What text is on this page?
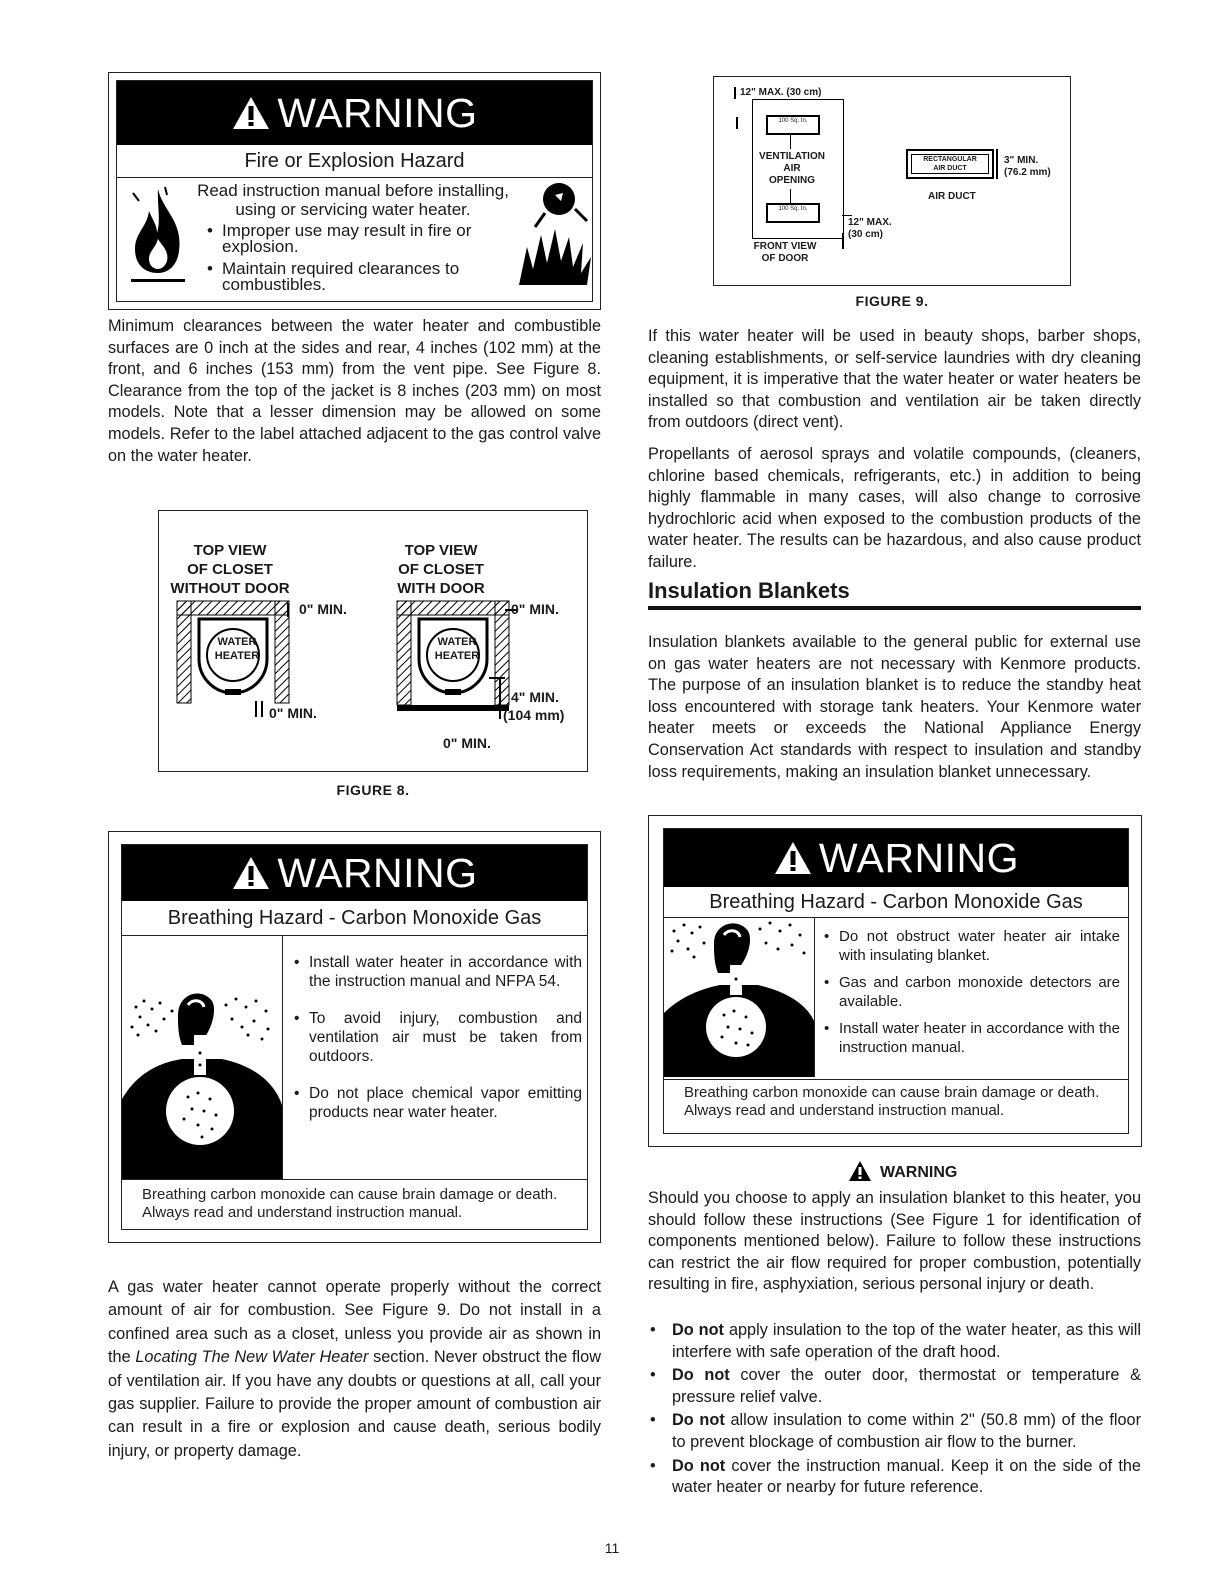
WARNING
Fire or Explosion Hazard
Read instruction manual before installing,
using or servicing water heater.
• Improper use may result in fire or explosion.
• Maintain required clearances to combustibles.

Minimum clearances between the water heater and combustible surfaces are 0 inch at the sides and rear, 4 inches (102 mm) at the front, and 6 inches (153 mm) from the vent pipe. See Figure 8. Clearance from the top of the jacket is 8 inches (203 mm) on most models. Note that a lesser dimension may be allowed on some models. Refer to the label attached adjacent to the gas control valve on the water heater.

TOP VIEW
OF CLOSET
WITHOUT DOOR
TOP VIEW
OF CLOSET
WITH DOOR
WATER
HEATER
0" MIN.
0" MIN.
WATER
HEATER
0" MIN.
4" MIN.
(104 mm)
0" MIN.
FIGURE 8.
WARNING
Breathing Hazard - Carbon Monoxide Gas
• Install water heater in accordance with the instruction manual and NFPA 54.
• To avoid injury, combustion and ventilation air must be taken from outdoors.
• Do not place chemical vapor emitting products near water heater.
Breathing carbon monoxide can cause brain damage or death. Always read and understand instruction manual.

A gas water heater cannot operate properly without the correct amount of air for combustion. See Figure 9. Do not install in a confined area such as a closet, unless you provide air as shown in the Locating The New Water Heater section. Never obstruct the flow of ventilation air. If you have any doubts or questions at all, call your gas supplier. Failure to provide the proper amount of combustion air can result in a fire or explosion and cause death, serious bodily injury, or property damage.

12" MAX. (30 cm)
100 Sq. In.
VENTILATION
AIR
OPENING
100 Sq. In.
12" MAX.
(30 cm)
FRONT VIEW
OF DOOR
RECTANGULAR
AIR DUCT
3" MIN.
(76.2 mm)
AIR DUCT
FIGURE 9.

If this water heater will be used in beauty shops, barber shops, cleaning establishments, or self-service laundries with dry cleaning equipment, it is imperative that the water heater or water heaters be installed so that combustion and ventilation air be taken directly from outdoors (direct vent).

Propellants of aerosol sprays and volatile compounds, (cleaners, chlorine based chemicals, refrigerants, etc.) in addition to being highly flammable in many cases, will also change to corrosive hydrochloric acid when exposed to the combustion products of the water heater. The results can be hazardous, and also cause product failure.

Insulation Blankets

Insulation blankets available to the general public for external use on gas water heaters are not necessary with Kenmore products. The purpose of an insulation blanket is to reduce the standby heat loss encountered with storage tank heaters. Your Kenmore water heater meets or exceeds the National Appliance Energy Conservation Act standards with respect to insulation and standby loss requirements, making an insulation blanket unnecessary.

WARNING
Breathing Hazard - Carbon Monoxide Gas
• Do not obstruct water heater air intake with insulating blanket.
• Gas and carbon monoxide detectors are available.
• Install water heater in accordance with the instruction manual.
Breathing carbon monoxide can cause brain damage or death. Always read and understand instruction manual.
WARNING

Should you choose to apply an insulation blanket to this heater, you should follow these instructions (See Figure 1 for identification of components mentioned below). Failure to follow these instructions can restrict the air flow required for proper combustion, potentially resulting in fire, asphyxiation, serious personal injury or death.

• Do not apply insulation to the top of the water heater, as this will interfere with safe operation of the draft hood.
• Do not cover the outer door, thermostat or temperature & pressure relief valve.
• Do not allow insulation to come within 2" (50.8 mm) of the floor to prevent blockage of combustion air flow to the burner.
• Do not cover the instruction manual. Keep it on the side of the water heater or nearby for future reference.
11
